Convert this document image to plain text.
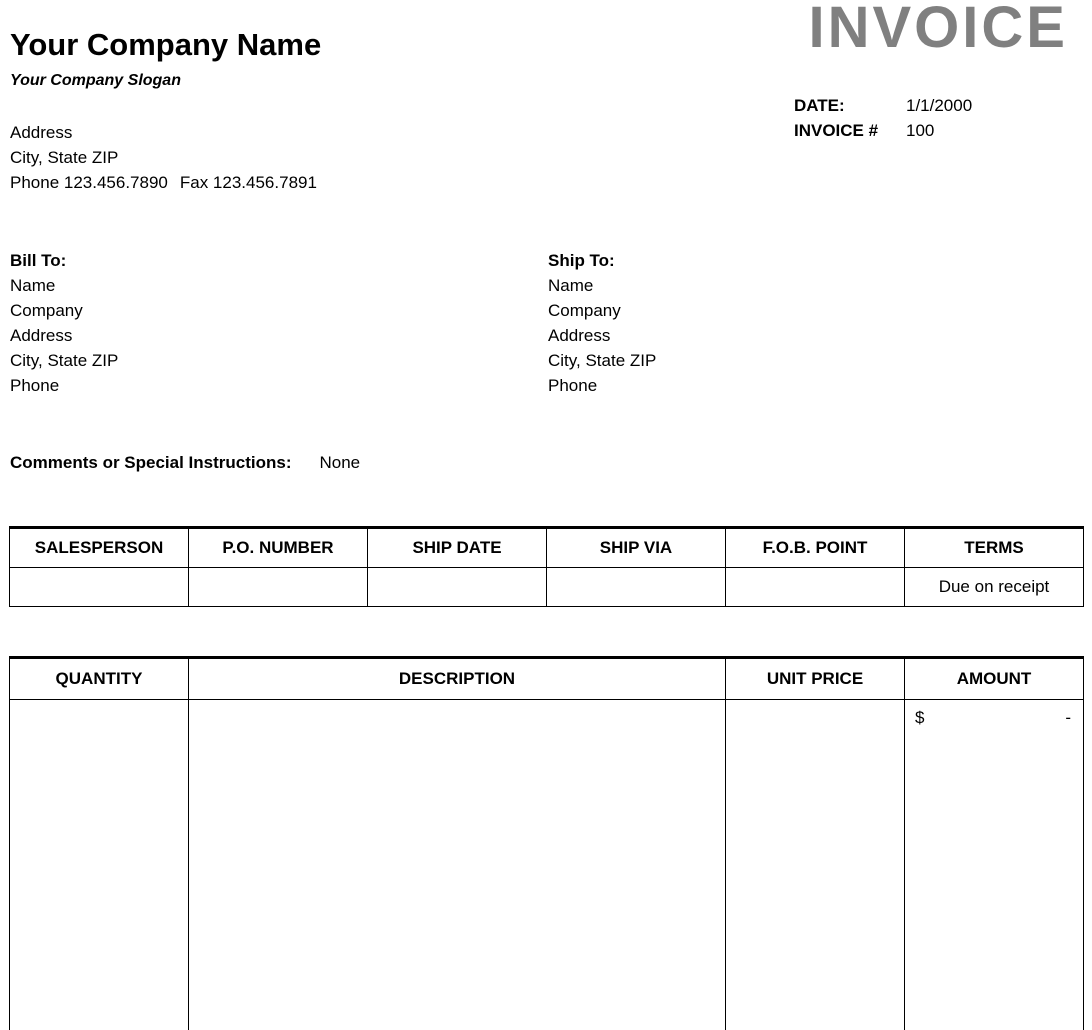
Your Company Name
Your Company Slogan
INVOICE
Address
City, State ZIP
Phone 123.456.7890 Fax 123.456.7891
DATE:	1/1/2000
INVOICE #	100
Bill To:
Name
Company
Address
City, State ZIP
Phone
Ship To:
Name
Company
Address
City, State ZIP
Phone
Comments or Special Instructions: None
SALESPERSON	P.O. NUMBER	SHIP DATE	SHIP VIA	F.O.B. POINT	TERMS
					Due on receipt
QUANTITY	DESCRIPTION	UNIT PRICE	AMOUNT

			$ -
